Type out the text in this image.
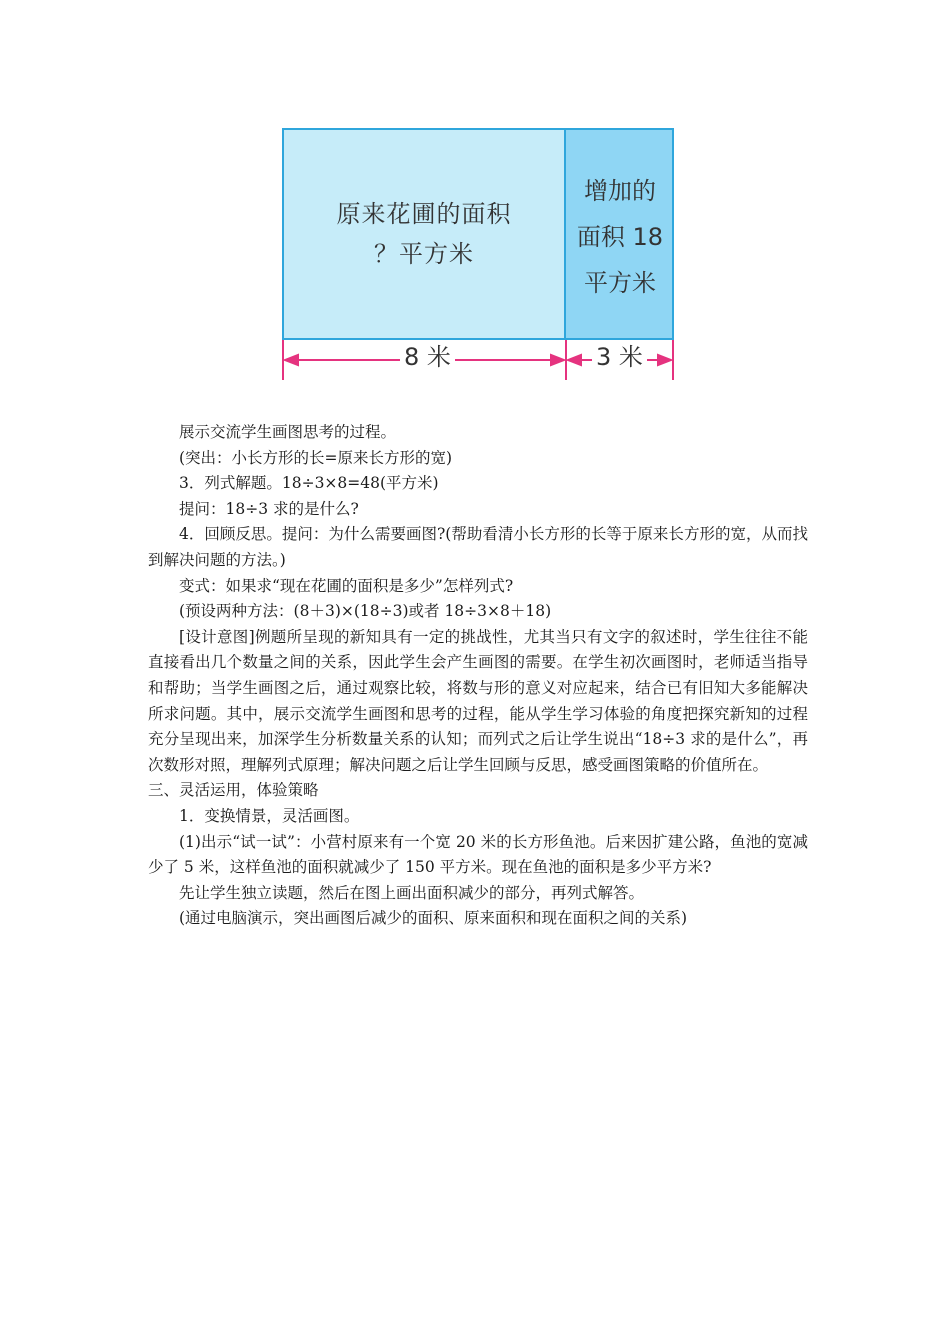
原来花圃的面积
？平方米
增加的
面积 18
平方米
8 米	3 米

展示交流学生画图思考的过程。

(突出：小长方形的长=原来长方形的宽)

3．列式解题。18÷3×8=48(平方米)

提问：18÷3 求的是什么?

4．回顾反思。提问：为什么需要画图?(帮助看清小长方形的长等于原来长方形的宽，从而找到解决问题的方法。)

变式：如果求“现在花圃的面积是多少”怎样列式?

(预设两种方法：(8＋3)×(18÷3)或者 18÷3×8＋18)

[设计意图]例题所呈现的新知具有一定的挑战性，尤其当只有文字的叙述时，学生往往不能直接看出几个数量之间的关系，因此学生会产生画图的需要。在学生初次画图时，老师适当指导和帮助；当学生画图之后，通过观察比较，将数与形的意义对应起来，结合已有旧知大多能解决所求问题。其中，展示交流学生画图和思考的过程，能从学生学习体验的角度把探究新知的过程充分呈现出来，加深学生分析数量关系的认知；而列式之后让学生说出“18÷3 求的是什么”，再次数形对照，理解列式原理；解决问题之后让学生回顾与反思，感受画图策略的价值所在。

三、灵活运用，体验策略

1．变换情景，灵活画图。

(1)出示“试一试”：小营村原来有一个宽 20 米的长方形鱼池。后来因扩建公路，鱼池的宽减少了 5 米，这样鱼池的面积就减少了 150 平方米。现在鱼池的面积是多少平方米?

先让学生独立读题，然后在图上画出面积减少的部分，再列式解答。

(通过电脑演示，突出画图后减少的面积、原来面积和现在面积之间的关系)
